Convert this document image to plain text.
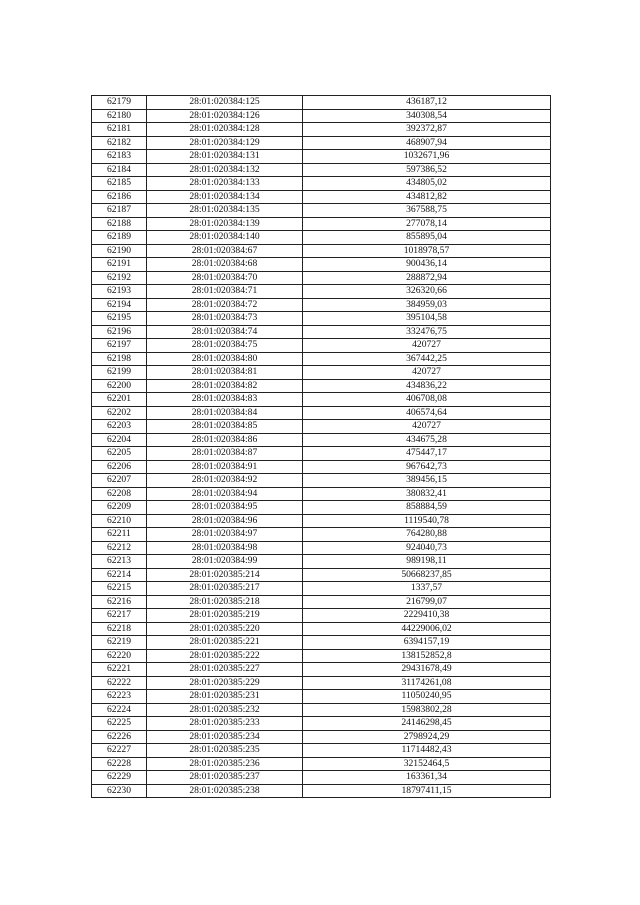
62179	28:01:020384:125	436187,12
62180	28:01:020384:126	340308,54
62181	28:01:020384:128	392372,87
62182	28:01:020384:129	468907,94
62183	28:01:020384:131	1032671,96
62184	28:01:020384:132	597386,52
62185	28:01:020384:133	434805,02
62186	28:01:020384:134	434812,82
62187	28:01:020384:135	367588,75
62188	28:01:020384:139	277078,14
62189	28:01:020384:140	855895,04
62190	28:01:020384:67	1018978,57
62191	28:01:020384:68	900436,14
62192	28:01:020384:70	288872,94
62193	28:01:020384:71	326320,66
62194	28:01:020384:72	384959,03
62195	28:01:020384:73	395104,58
62196	28:01:020384:74	332476,75
62197	28:01:020384:75	420727
62198	28:01:020384:80	367442,25
62199	28:01:020384:81	420727
62200	28:01:020384:82	434836,22
62201	28:01:020384:83	406708,08
62202	28:01:020384:84	406574,64
62203	28:01:020384:85	420727
62204	28:01:020384:86	434675,28
62205	28:01:020384:87	475447,17
62206	28:01:020384:91	967642,73
62207	28:01:020384:92	389456,15
62208	28:01:020384:94	380832,41
62209	28:01:020384:95	858884,59
62210	28:01:020384:96	1119540,78
62211	28:01:020384:97	764280,88
62212	28:01:020384:98	924040,73
62213	28:01:020384:99	989198,11
62214	28:01:020385:214	50668237,85
62215	28:01:020385:217	1337,57
62216	28:01:020385:218	216799,07
62217	28:01:020385:219	2229410,38
62218	28:01:020385:220	44229006,02
62219	28:01:020385:221	6394157,19
62220	28:01:020385:222	138152852,8
62221	28:01:020385:227	29431678,49
62222	28:01:020385:229	31174261,08
62223	28:01:020385:231	11050240,95
62224	28:01:020385:232	15983802,28
62225	28:01:020385:233	24146298,45
62226	28:01:020385:234	2798924,29
62227	28:01:020385:235	11714482,43
62228	28:01:020385:236	32152464,5
62229	28:01:020385:237	163361,34
62230	28:01:020385:238	18797411,15
